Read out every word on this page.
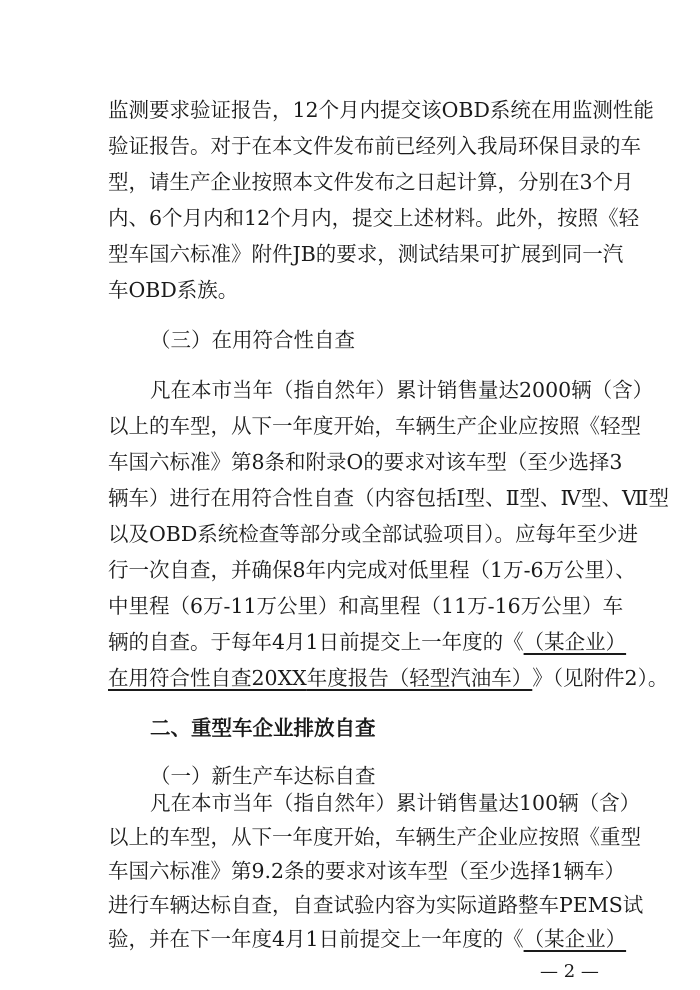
监测要求验证报告，12个月内提交该OBD系统在用监测性能
验证报告。对于在本文件发布前已经列入我局环保目录的车
型，请生产企业按照本文件发布之日起计算，分别在3个月
内、6个月内和12个月内，提交上述材料。此外，按照《轻
型车国六标准》附件JB的要求，测试结果可扩展到同一汽
车OBD系族。
（三）在用符合性自查
凡在本市当年（指自然年）累计销售量达2000辆（含）
以上的车型，从下一年度开始，车辆生产企业应按照《轻型
车国六标准》第8条和附录O的要求对该车型（至少选择3
辆车）进行在用符合性自查（内容包括Ⅰ型、Ⅱ型、Ⅳ型、Ⅶ型
以及OBD系统检查等部分或全部试验项目）。应每年至少进
行一次自查，并确保8年内完成对低里程（1万-6万公里）、
中里程（6万-11万公里）和高里程（11万-16万公里）车
辆的自查。于每年4月1日前提交上一年度的《 （某企业）
在用符合性自查 20XX 年度报告（轻型汽油车） 》（见附件2）。
二、重型车企业排放自查
（一）新生产车达标自查
凡在本市当年（指自然年）累计销售量达100辆（含）
以上的车型，从下一年度开始，车辆生产企业应按照《重型
车国六标准》第9.2条的要求对该车型（至少选择1辆车）
进行车辆达标自查，自查试验内容为实际道路整车PEMS试
验，并在下一年度4月1日前提交上一年度的《 （某企业）
— 2 —
